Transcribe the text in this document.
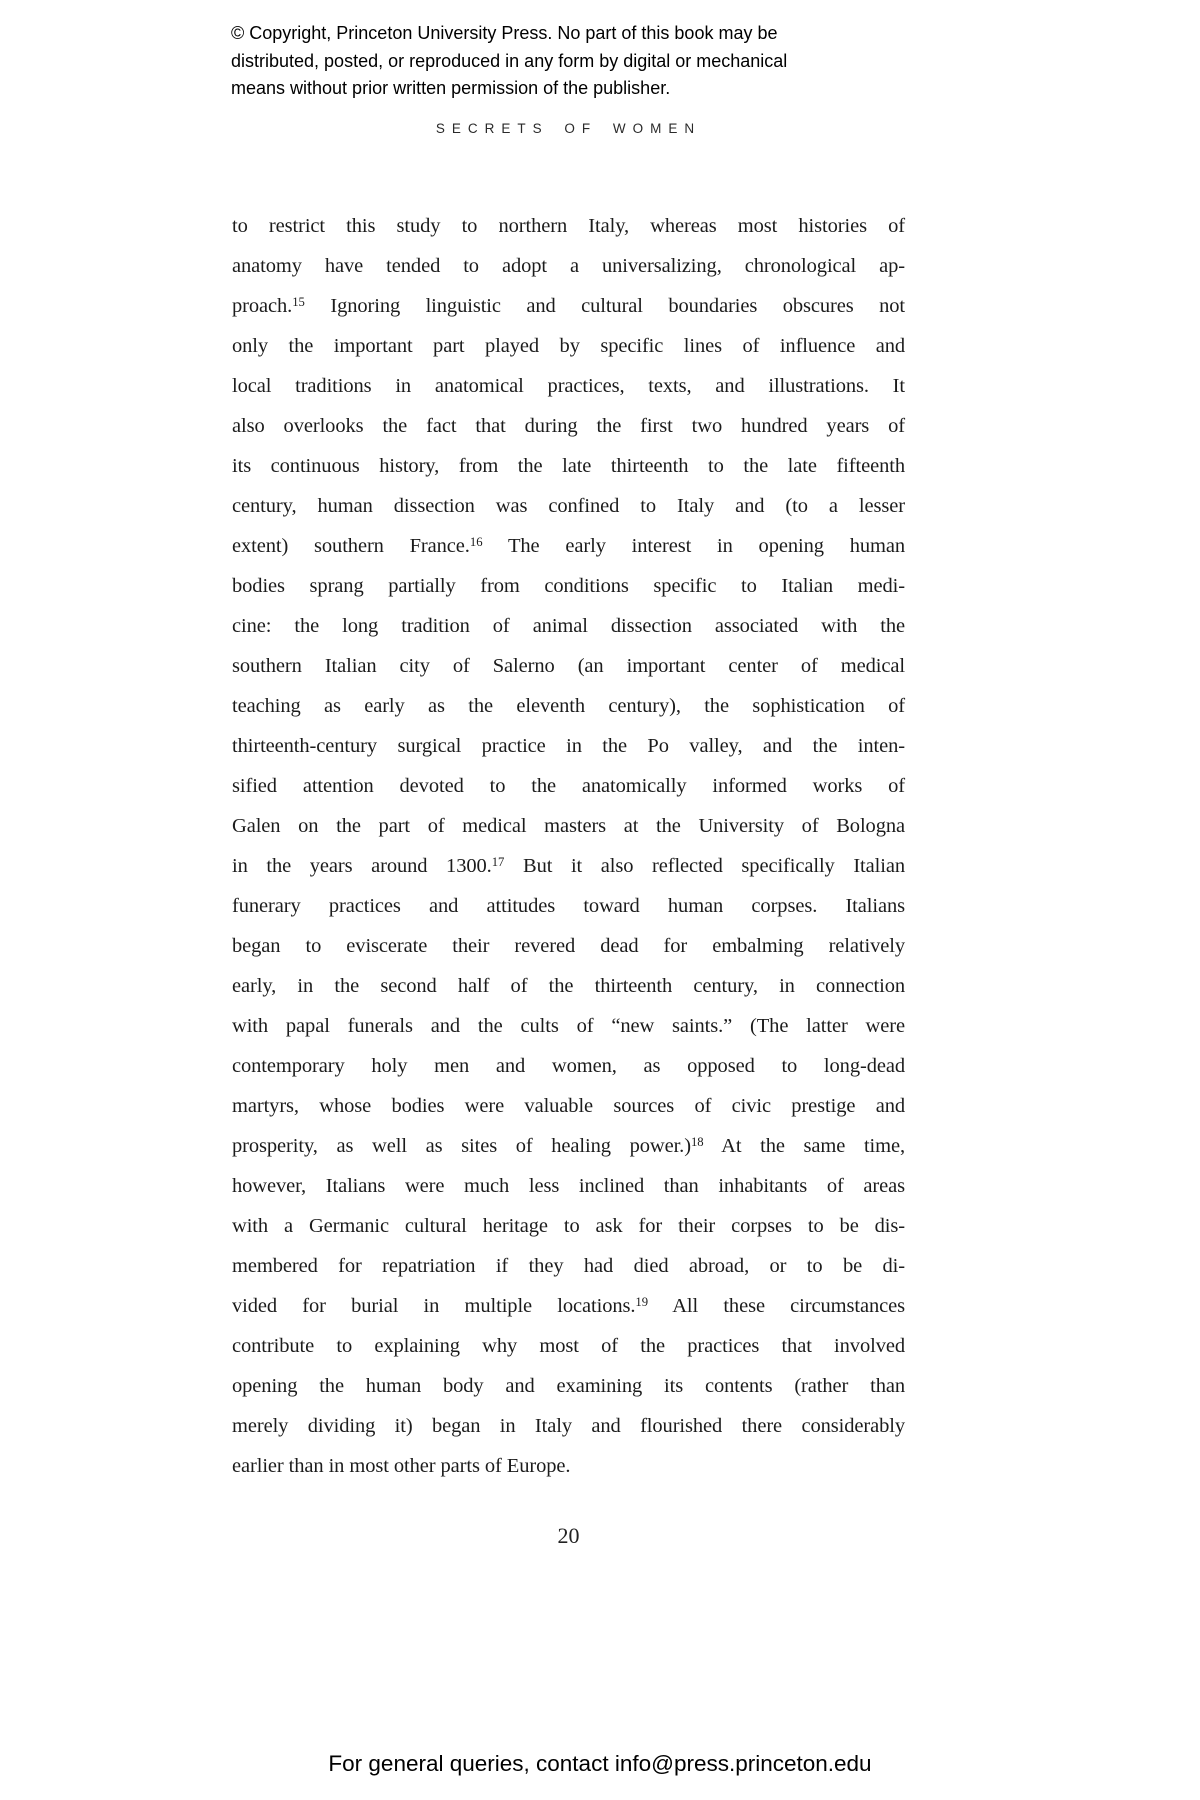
© Copyright, Princeton University Press. No part of this book may be
distributed, posted, or reproduced in any form by digital or mechanical
means without prior written permission of the publisher.
SECRETS OF WOMEN
to restrict this study to northern Italy, whereas most histories of
anatomy have tended to adopt a universalizing, chronological ap-
proach.$^{15}$ Ignoring linguistic and cultural boundaries obscures not
only the important part played by specific lines of influence and
local traditions in anatomical practices, texts, and illustrations. It
also overlooks the fact that during the first two hundred years of
its continuous history, from the late thirteenth to the late fifteenth
century, human dissection was confined to Italy and (to a lesser
extent) southern France.$^{16}$ The early interest in opening human
bodies sprang partially from conditions specific to Italian medi-
cine: the long tradition of animal dissection associated with the
southern Italian city of Salerno (an important center of medical
teaching as early as the eleventh century), the sophistication of
thirteenth-century surgical practice in the Po valley, and the inten-
sified attention devoted to the anatomically informed works of
Galen on the part of medical masters at the University of Bologna
in the years around 1300.17 But it also reflected specifically Italian
funerary practices and attitudes toward human corpses. Italians
began to eviscerate their revered dead for embalming relatively
early, in the second half of the thirteenth century, in connection
with papal funerals and the cults of “new saints.” (The latter were
contemporary holy men and women, as opposed to long-dead
martyrs, whose bodies were valuable sources of civic prestige and
prosperity, as well as sites of healing power.)$^{18}$ At the same time,
however, Italians were much less inclined than inhabitants of areas
with a Germanic cultural heritage to ask for their corpses to be dis-
membered for repatriation if they had died abroad, or to be di-
vided for burial in multiple locations.$^{19}$ All these circumstances
contribute to explaining why most of the practices that involved
opening the human body and examining its contents (rather than
merely dividing it) began in Italy and flourished there considerably
earlier than in most other parts of Europe.
20
For general queries, contact info@press.princeton.edu
